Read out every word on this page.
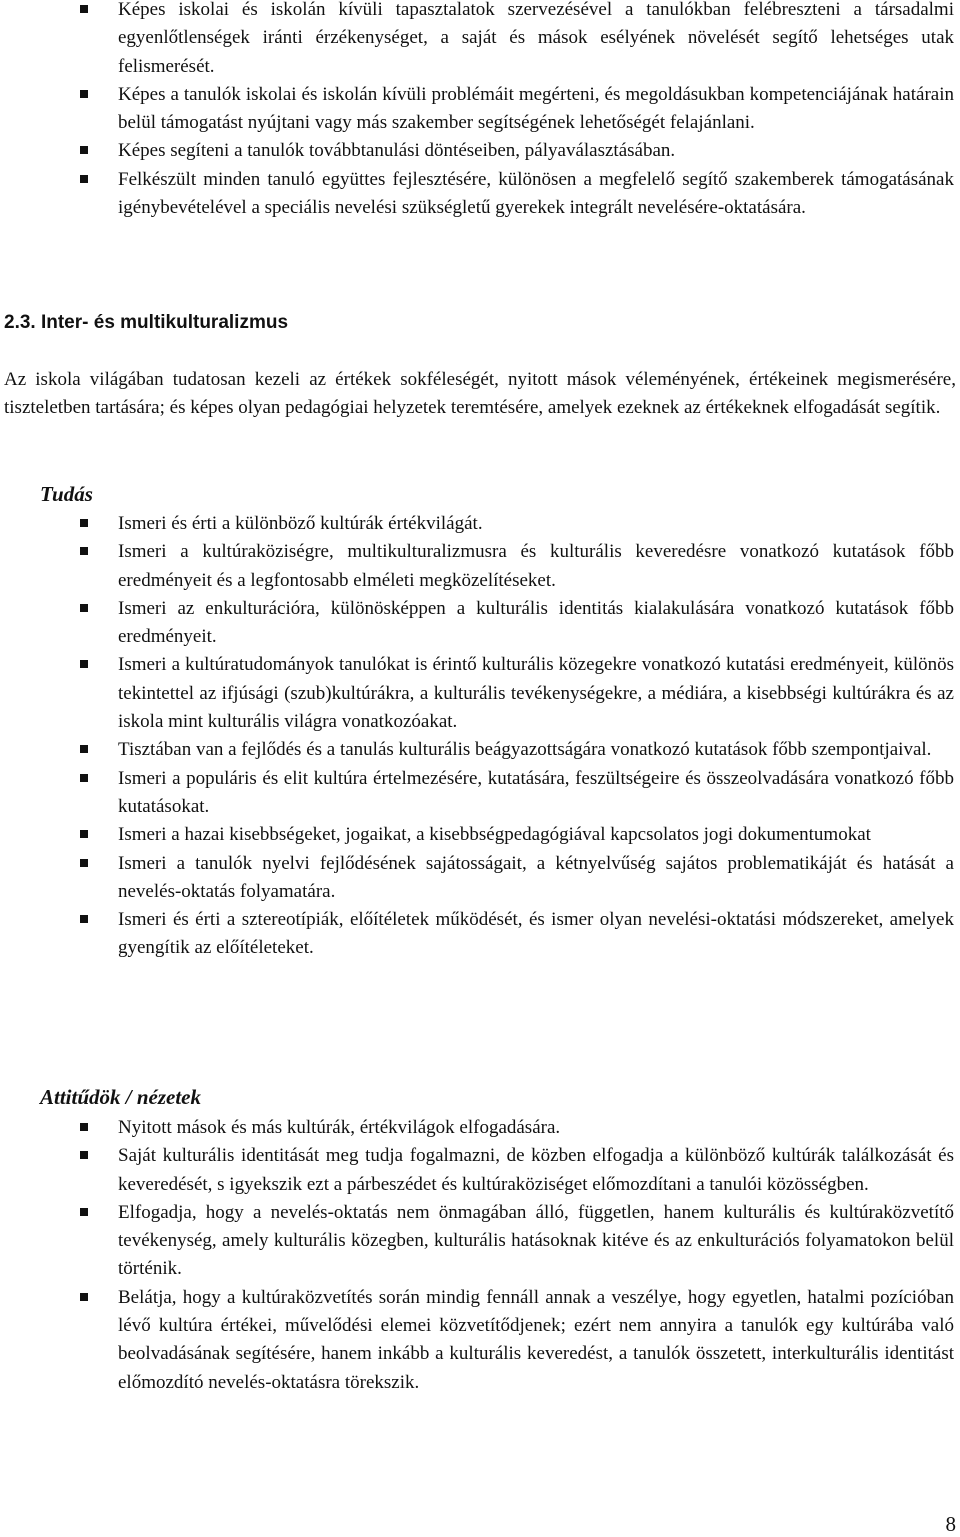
Képes iskolai és iskolán kívüli tapasztalatok szervezésével a tanulókban felébreszteni a társadalmi egyenlőtlenségek iránti érzékenységet, a saját és mások esélyének növelését segítő lehetséges utak felismerését.
Képes a tanulók iskolai és iskolán kívüli problémáit megérteni, és megoldásukban kompetenciájának határain belül támogatást nyújtani vagy más szakember segítségének lehetőségét felajánlani.
Képes segíteni a tanulók továbbtanulási döntéseiben, pályaválasztásában.
Felkészült minden tanuló együttes fejlesztésére, különösen a megfelelő segítő szakemberek támogatásának igénybevételével a speciális nevelési szükségletű gyerekek integrált nevelésére-oktatására.
2.3. Inter- és multikulturalizmus
Az iskola világában tudatosan kezeli az értékek sokféleségét, nyitott mások véleményének, értékeinek megismerésére, tiszteletben tartására; és képes olyan pedagógiai helyzetek teremtésére, amelyek ezeknek az értékeknek elfogadását segítik.
Tudás
Ismeri és érti a különböző kultúrák értékvilágát.
Ismeri a kultúraköziségre, multikulturalizmusra és kulturális keveredésre vonatkozó kutatások főbb eredményeit és a legfontosabb elméleti megközelítéseket.
Ismeri az enkulturációra, különösképpen a kulturális identitás kialakulására vonatkozó kutatások főbb eredményeit.
Ismeri a kultúratudományok tanulókat is érintő kulturális közegekre vonatkozó kutatási eredményeit, különös tekintettel az ifjúsági (szub)kultúrákra, a kulturális tevékenységekre, a médiára, a kisebbségi kultúrákra és az iskola mint kulturális világra vonatkozóakat.
Tisztában van a fejlődés és a tanulás kulturális beágyazottságára vonatkozó kutatások főbb szempontjaival.
Ismeri a populáris és elit kultúra értelmezésére, kutatására, feszültségeire és összeolvadására vonatkozó főbb kutatásokat.
Ismeri a hazai kisebbségeket, jogaikat, a kisebbségpedagógiával kapcsolatos jogi dokumentumokat
Ismeri a tanulók nyelvi fejlődésének sajátosságait, a kétnyelvűség sajátos problematikáját és hatását a nevelés-oktatás folyamatára.
Ismeri és érti a sztereotípiák, előítéletek működését, és ismer olyan nevelési-oktatási módszereket, amelyek gyengítik az előítéleteket.
Attitűdök / nézetek
Nyitott mások és más kultúrák, értékvilágok elfogadására.
Saját kulturális identitását meg tudja fogalmazni, de közben elfogadja a különböző kultúrák találkozását és keveredését, s igyekszik ezt a párbeszédet és kultúraköziséget előmozdítani a tanulói közösségben.
Elfogadja, hogy a nevelés-oktatás nem önmagában álló, független, hanem kulturális és kultúraközvetítő tevékenység, amely kulturális közegben, kulturális hatásoknak kitéve és az enkulturációs folyamatokon belül történik.
Belátja, hogy a kultúraközvetítés során mindig fennáll annak a veszélye, hogy egyetlen, hatalmi pozícióban lévő kultúra értékei, művelődési elemei közvetítődjenek; ezért nem annyira a tanulók egy kultúrába való beolvadásának segítésére, hanem inkább a kulturális keveredést, a tanulók összetett, interkulturális identitást előmozdító nevelés-oktatásra törekszik.
8
